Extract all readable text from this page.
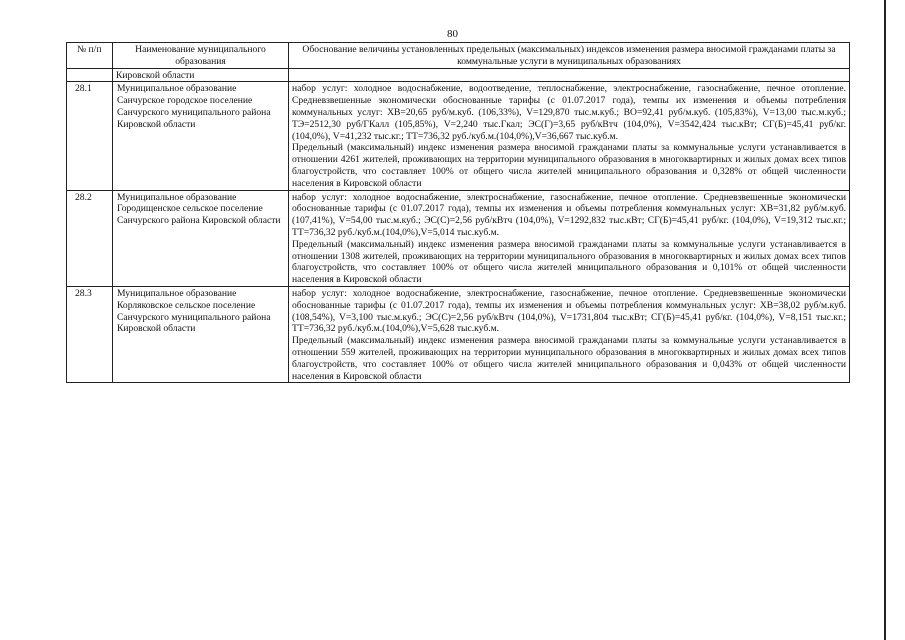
80
№ п/п	Наименование муниципального образования	Обоснование величины установленных предельных (максимальных) индексов изменения размера вносимой гражданами платы за коммунальные услуги в муниципальных образованиях
	Кировской области	
28.1	Муниципальное образование Санчурское городское поселение Санчурского муниципального района Кировской области	набор услуг: холодное водоснабжение, водоотведение, теплоснабжение, электроснабжение, газоснабжение, печное отопление. Средневзвешенные экономически обоснованные тарифы (с 01.07.2017 года), темпы их изменения и объемы потребления коммунальных услуг: ХВ=20,65 руб/м.куб. (106,33%), V=129,870 тыс.м.куб.; ВО=92,41 руб/м.куб. (105,83%), V=13,00 тыс.м.куб.; ТЭ=2512,30 руб/ГКалл (105,85%), V=2,240 тыс.Гкал; ЭС(Г)=3,65 руб/кВтч (104,0%), V=3542,424 тыс.кВт; СГ(Б)=45,41 руб/кг. (104,0%), V=41,232 тыс.кг.; ТТ=736,32 руб./куб.м.(104,0%),V=36,667 тыс.куб.м.
Предельный (максимальный) индекс изменения размера вносимой гражданами платы за коммунальные услуги устанавливается в отношении 4261 жителей, проживающих на территории муниципального образования в многоквартирных и жилых домах всех типов благоустройств, что составляет 100% от общего числа жителей мниципального образования и 0,328% от общей численности населения в Кировской области

28.2	Муниципальное образование Городищенское сельское поселение Санчурского района Кировской области	набор услуг: холодное водоснабжение, электроснабжение, газоснабжение, печное отопление. Средневзвешенные экономически обоснованные тарифы (с 01.07.2017 года), темпы их изменения и объемы потребления коммунальных услуг: ХВ=31,82 руб/м.куб. (107,41%), V=54,00 тыс.м.куб.; ЭС(С)=2,56 руб/кВтч (104,0%), V=1292,832 тыс.кВт; СГ(Б)=45,41 руб/кг. (104,0%), V=19,312 тыс.кг.; ТТ=736,32 руб./куб.м.(104,0%),V=5,014 тыс.куб.м.
Предельный (максимальный) индекс изменения размера вносимой гражданами платы за коммунальные услуги устанавливается в отношении 1308 жителей, проживающих на территории муниципального образования в многоквартирных и жилых домах всех типов благоустройств, что составляет 100% от общего числа жителей мниципального образования и 0,101% от общей численности населения в Кировской области

28.3	Муниципальное образование Корляковское сельское поселение Санчурского муниципального района Кировской области	набор услуг: холодное водоснабжение, электроснабжение, газоснабжение, печное отопление. Средневзвешенные экономически обоснованные тарифы (с 01.07.2017 года), темпы их изменения и объемы потребления коммунальных услуг: ХВ=38,02 руб/м.куб. (108,54%), V=3,100 тыс.м.куб.; ЭС(С)=2,56 руб/кВтч (104,0%), V=1731,804 тыс.кВт; СГ(Б)=45,41 руб/кг. (104,0%), V=8,151 тыс.кг.; ТТ=736,32 руб./куб.м.(104,0%),V=5,628 тыс.куб.м.
Предельный (максимальный) индекс изменения размера вносимой гражданами платы за коммунальные услуги устанавливается в отношении 559 жителей, проживающих на территории муниципального образования в многоквартирных и жилых домах всех типов благоустройств, что составляет 100% от общего числа жителей мниципального образования и 0,043% от общей численности населения в Кировской области
